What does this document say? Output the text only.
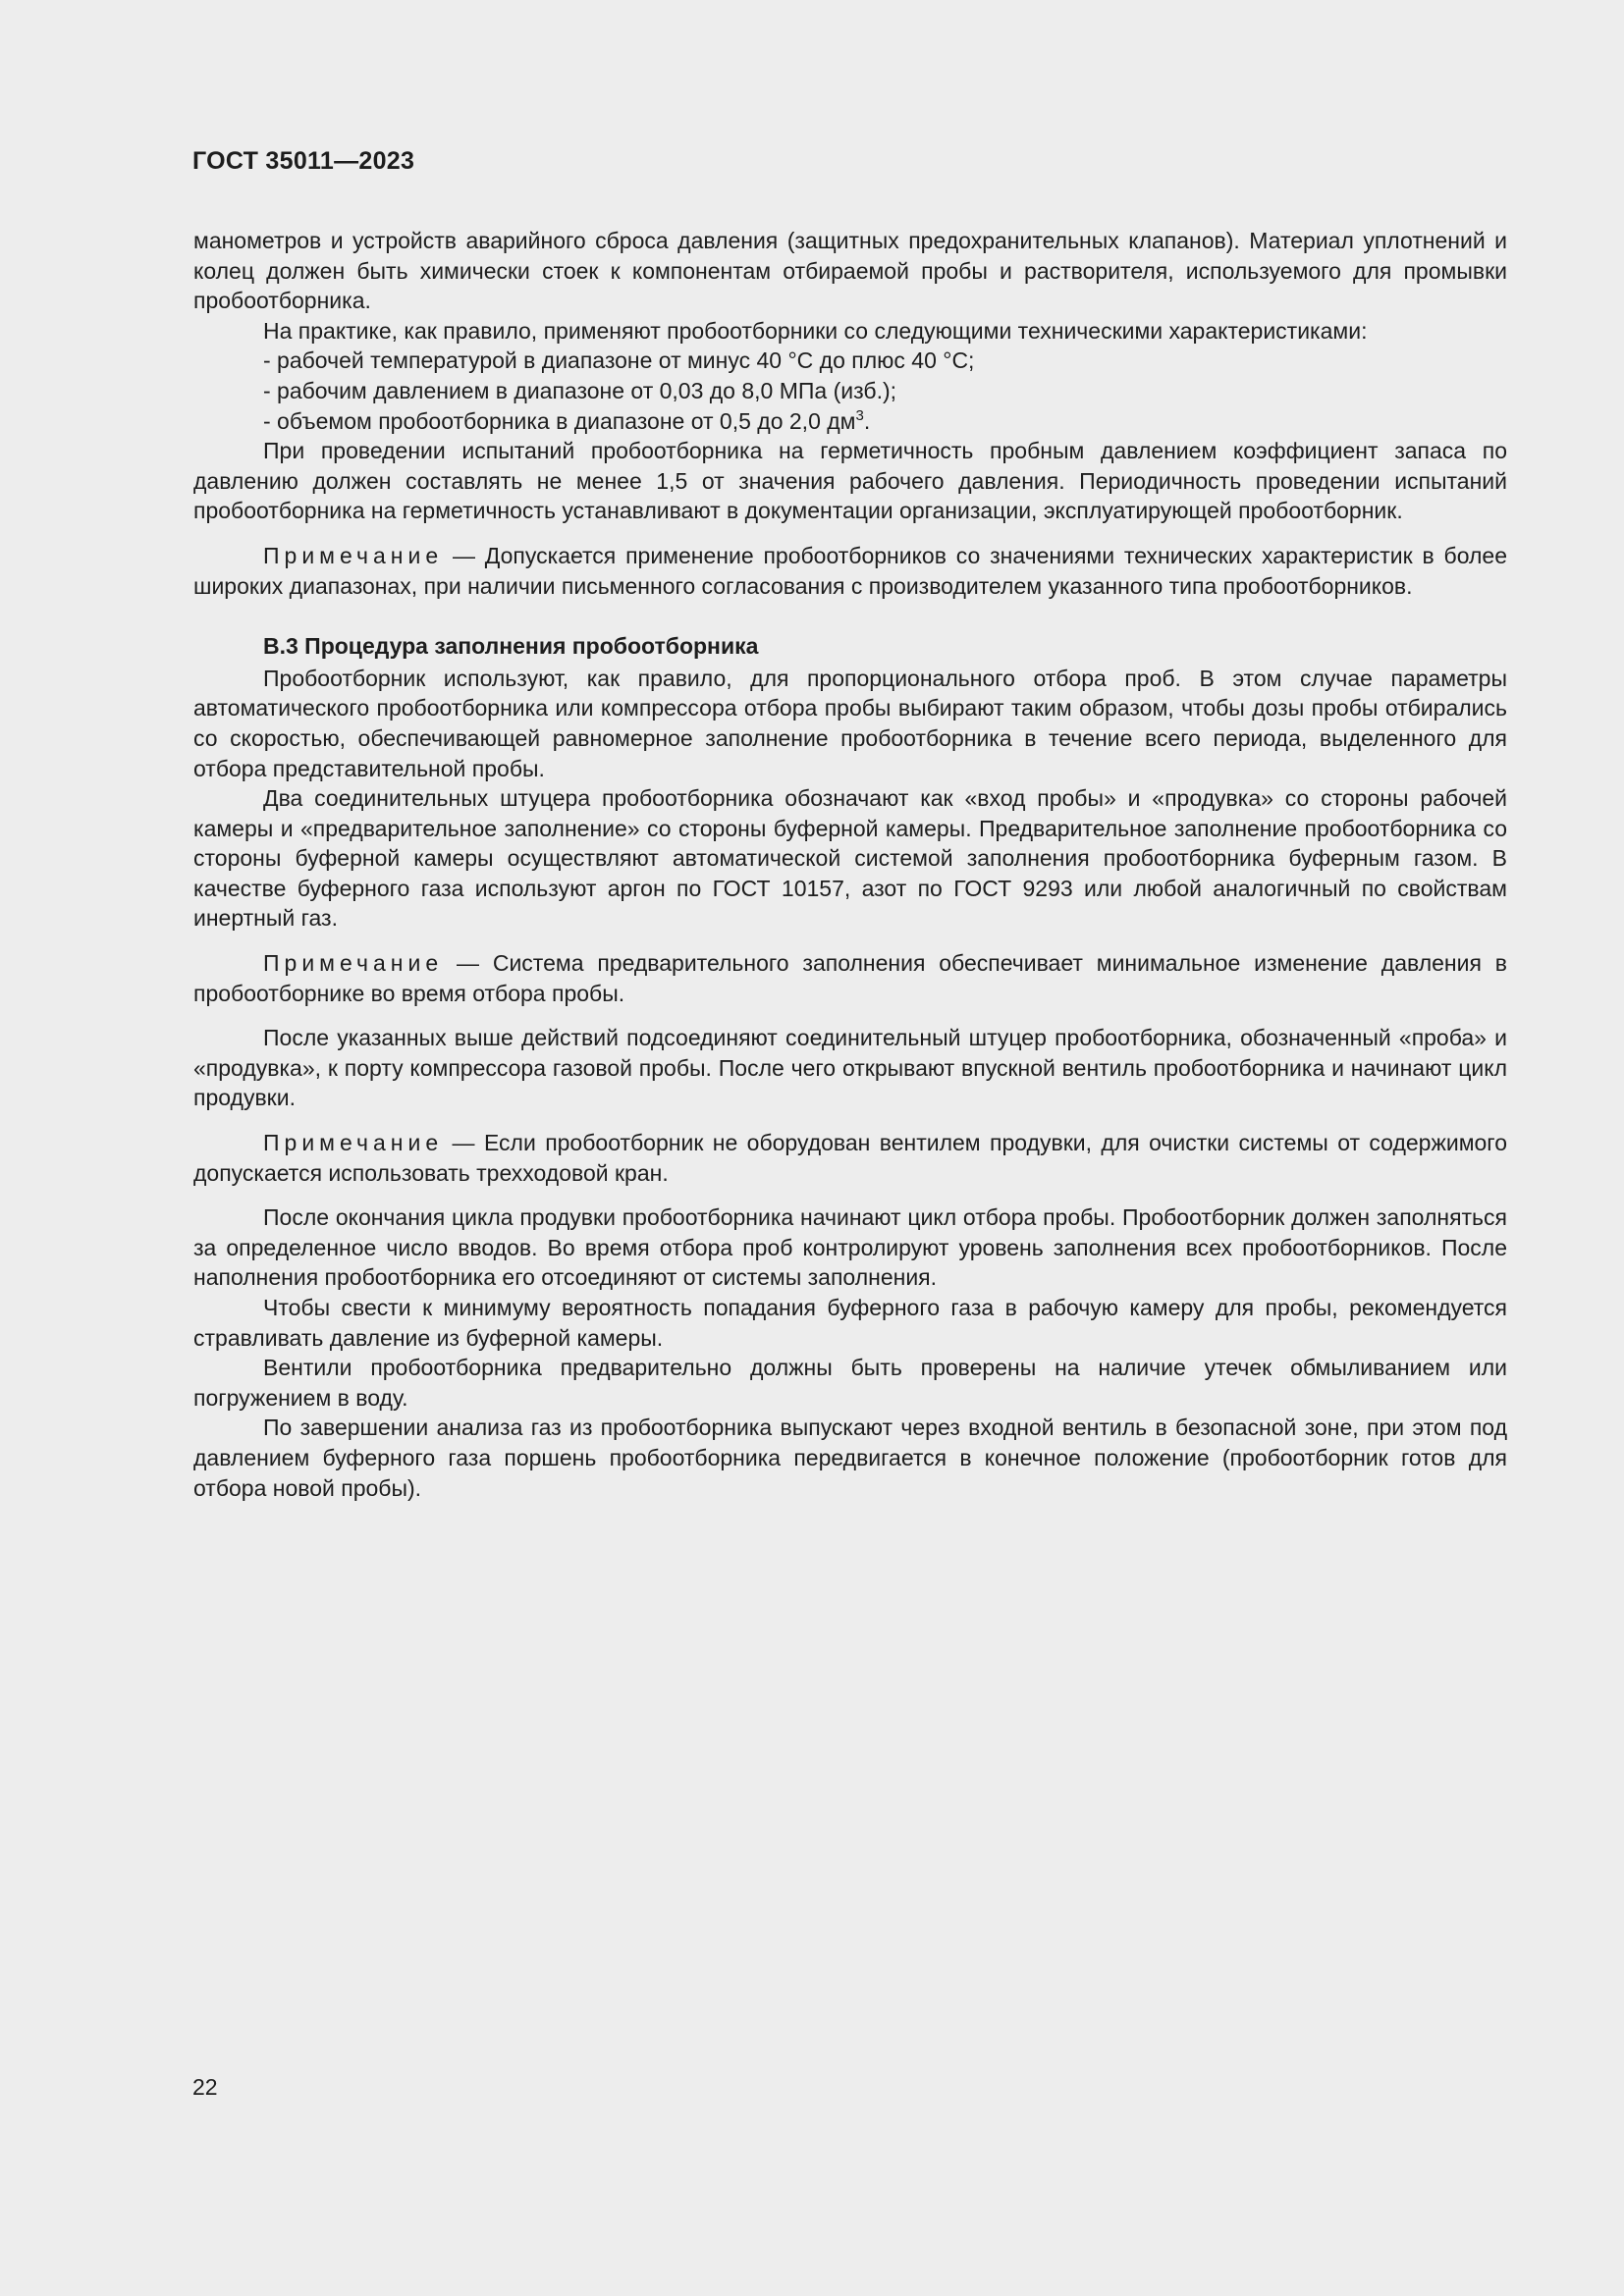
ГОСТ 35011—2023

манометров и устройств аварийного сброса давления (защитных предохранительных клапанов). Материал уплотнений и колец должен быть химически стоек к компонентам отбираемой пробы и растворителя, используемого для промывки пробоотборника.

На практике, как правило, применяют пробоотборники со следующими техническими характеристиками:

- рабочей температурой в диапазоне от минус 40 °С до плюс 40 °С;

- рабочим давлением в диапазоне от 0,03 до 8,0 МПа (изб.);

- объемом пробоотборника в диапазоне от 0,5 до 2,0 $дм^3$.

При проведении испытаний пробоотборника на герметичность пробным давлением коэффициент запаса по давлению должен составлять не менее 1,5 от значения рабочего давления. Периодичность проведении испытаний пробоотборника на герметичность устанавливают в документации организации, эксплуатирующей пробоотборник.

Примечание — Допускается применение пробоотборников со значениями технических характеристик в более широких диапазонах, при наличии письменного согласования с производителем указанного типа пробоотборников.

В.3 Процедура заполнения пробоотборника

Пробоотборник используют, как правило, для пропорционального отбора проб. В этом случае параметры автоматического пробоотборника или компрессора отбора пробы выбирают таким образом, чтобы дозы пробы отбирались со скоростью, обеспечивающей равномерное заполнение пробоотборника в течение всего периода, выделенного для отбора представительной пробы.

Два соединительных штуцера пробоотборника обозначают как «вход пробы» и «продувка» со стороны рабочей камеры и «предварительное заполнение» со стороны буферной камеры. Предварительное заполнение пробоотборника со стороны буферной камеры осуществляют автоматической системой заполнения пробоотборника буферным газом. В качестве буферного газа используют аргон по ГОСТ 10157, азот по ГОСТ 9293 или любой аналогичный по свойствам инертный газ.

Примечание — Система предварительного заполнения обеспечивает минимальное изменение давления в пробоотборнике во время отбора пробы.

После указанных выше действий подсоединяют соединительный штуцер пробоотборника, обозначенный «проба» и «продувка», к порту компрессора газовой пробы. После чего открывают впускной вентиль пробоотборника и начинают цикл продувки.

Примечание — Если пробоотборник не оборудован вентилем продувки, для очистки системы от содержимого допускается использовать трехходовой кран.

После окончания цикла продувки пробоотборника начинают цикл отбора пробы. Пробоотборник должен заполняться за определенное число вводов. Во время отбора проб контролируют уровень заполнения всех пробоотборников. После наполнения пробоотборника его отсоединяют от системы заполнения.

Чтобы свести к минимуму вероятность попадания буферного газа в рабочую камеру для пробы, рекомендуется стравливать давление из буферной камеры.

Вентили пробоотборника предварительно должны быть проверены на наличие утечек обмыливанием или погружением в воду.

По завершении анализа газ из пробоотборника выпускают через входной вентиль в безопасной зоне, при этом под давлением буферного газа поршень пробоотборника передвигается в конечное положение (пробоотборник готов для отбора новой пробы).

22
